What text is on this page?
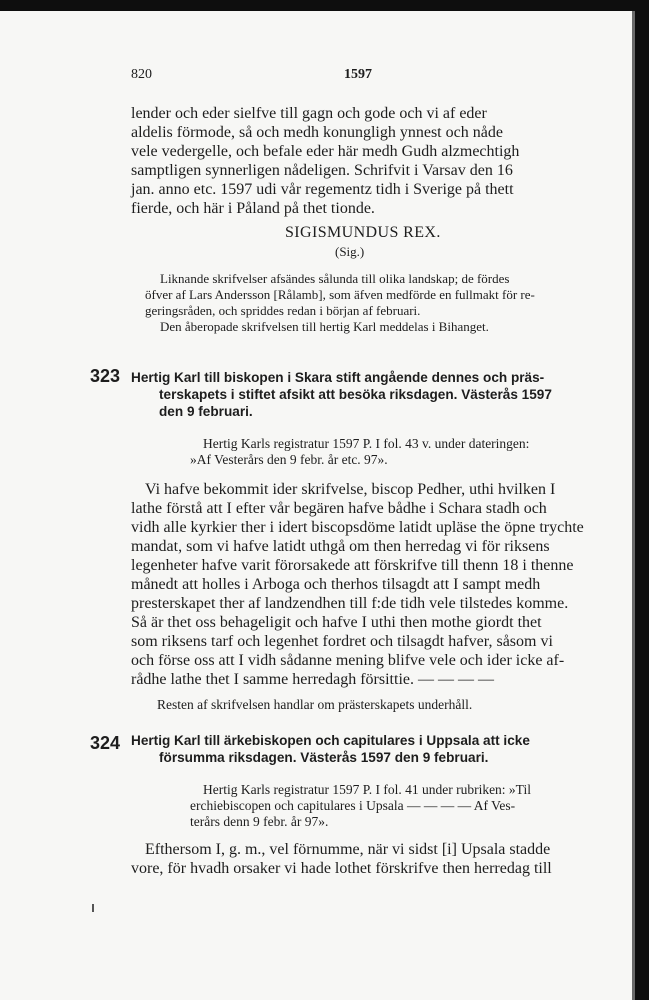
820	1597
lender och eder sielfve till gagn och gode och vi af eder
aldelis förmode, så och medh konungligh ynnest och nåde
vele vedergelle, och befale eder här medh Gudh alzmechtigh
samptligen synnerligen nådeligen. Schrifvit i Varsav den 16
jan. anno etc. 1597 udi vår regementz tidh i Sverige på thett
fierde, och här i Påland på thet tionde.
SIGISMUNDUS REX.
(Sig.)
Liknande skrifvelser afsändes sålunda till olika landskap; de fördes
öfver af Lars Andersson [Rålamb], som äfven medförde en fullmakt för re-
geringsråden, och spriddes redan i början af februari.
Den åberopade skrifvelsen till hertig Karl meddelas i Bihanget.
323 Hertig Karl till biskopen i Skara stift angående dennes och präs-
terskapets i stiftet afsikt att besöka riksdagen. Västerås 1597
den 9 februari.
Hertig Karls registratur 1597 P. I fol. 43 v. under dateringen:
»Af Vesterårs den 9 febr. år etc. 97».
Vi hafve bekommit ider skrifvelse, biscop Pedher, uthi hvilken I
lathe förstå att I efter vår begären hafve bådhe i Schara stadh och
vidh alle kyrkier ther i idert biscopsdöme latidt upläse the öpne trychte
mandat, som vi hafve latidt uthgå om then herredag vi för riksens
legenheter hafve varit förorsakede att förskrifve till thenn 18 i thenne
månedt att holles i Arboga och therhos tilsagdt att I sampt medh
presterskapet ther af landzendhen till f:de tidh vele tilstedes komme.
Så är thet oss behageligit och hafve I uthi then mothe giordt thet
som riksens tarf och legenhet fordret och tilsagdt hafver, såsom vi
och förse oss att I vidh sådanne mening blifve vele och ider icke af-
rådhe lathe thet I samme herredagh försittie. — — — —
Resten af skrifvelsen handlar om prästerskapets underhåll.
324 Hertig Karl till ärkebiskopen och capitulares i Uppsala att icke
försumma riksdagen. Västerås 1597 den 9 februari.
Hertig Karls registratur 1597 P. I fol. 41 under rubriken: »Til
erchiebiscopen och capitulares i Upsala — — — — Af Ves-
terårs denn 9 febr. år 97».
Efthersom I, g. m., vel förnumme, när vi sidst [i] Upsala stadde
vore, för hvadh orsaker vi hade lothet förskrifve then herredag till
